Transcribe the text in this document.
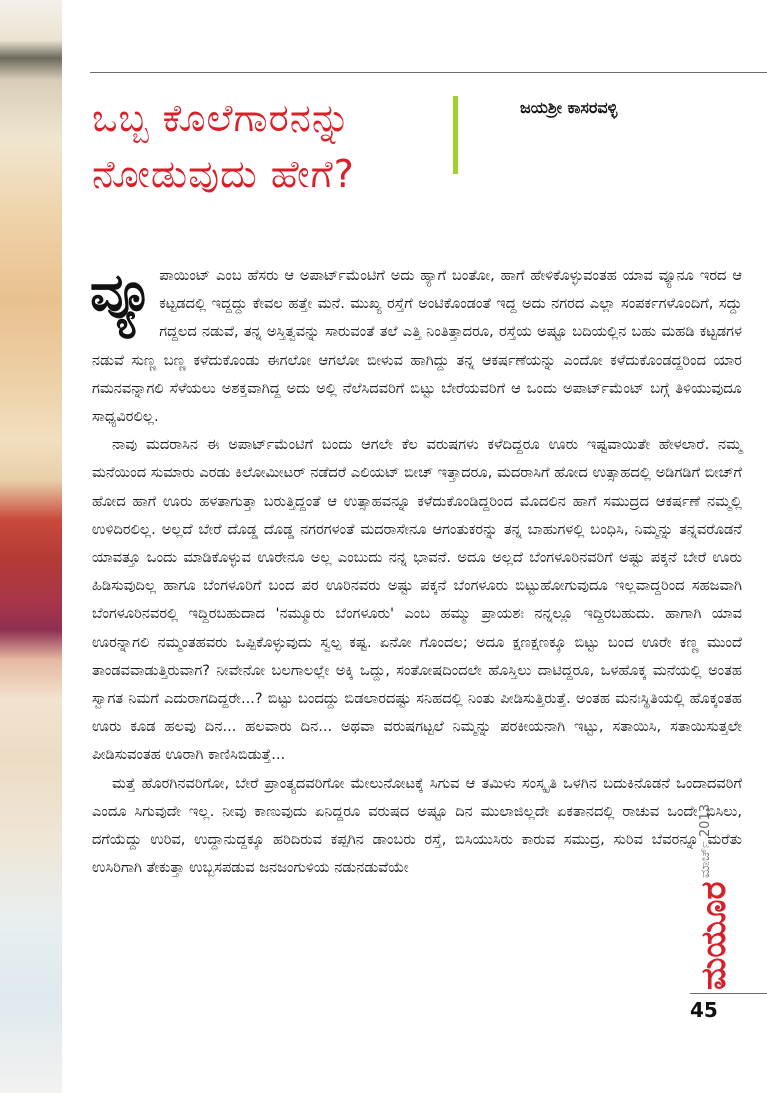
ಒಬ್ಬ ಕೊಲೆಗಾರನನ್ನು
ನೋಡುವುದು ಹೇಗೆ?
ಜಯಶ್ರೀ ಕಾಸರವಳ್ಳಿ

ವ್ಯೂ ಪಾಯಿಂಟ್ ಎಂಬ ಹೆಸರು ಆ ಅಪಾರ್ಟ್‌ಮೆಂಟಿಗೆ ಅದು ಹ್ಯಾಗೆ ಬಂತೋ, ಹಾಗೆ ಹೇಳಿಕೊಳ್ಳುವಂತಹ ಯಾವ ವ್ಯೂನೂ ಇರದ ಆ ಕಟ್ಟಡದಲ್ಲಿ ಇದ್ದದ್ದು ಕೇವಲ ಹತ್ತೇ ಮನೆ. ಮುಖ್ಯ ರಸ್ತೆಗೆ ಅಂಟಿಕೊಂಡಂತೆ ಇದ್ದ ಅದು ನಗರದ ಎಲ್ಲಾ ಸಂಪರ್ಕಗಳೊಂದಿಗೆ, ಸದ್ದು ಗದ್ದಲದ ನಡುವೆ, ತನ್ನ ಅಸ್ತಿತ್ವವನ್ನು ಸಾರುವಂತೆ ತಲೆ ಎತ್ತಿ ನಿಂತಿತ್ತಾದರೂ, ರಸ್ತೆಯ ಅಷ್ಟೂ ಬದಿಯಲ್ಲಿನ ಬಹು ಮಹಡಿ ಕಟ್ಟಡಗಳ ನಡುವೆ ಸುಣ್ಣ ಬಣ್ಣ ಕಳೆದುಕೊಂಡು ಈಗಲೋ ಆಗಲೋ ಬೀಳುವ ಹಾಗಿದ್ದು ತನ್ನ ಆಕರ್ಷಣೆಯನ್ನು ಎಂದೋ ಕಳೆದುಕೊಂಡದ್ದರಿಂದ ಯಾರ ಗಮನವನ್ನಾಗಲಿ ಸೆಳೆಯಲು ಅಶಕ್ತವಾಗಿದ್ದ ಅದು ಅಲ್ಲಿ ನೆಲೆಸಿದವರಿಗೆ ಬಿಟ್ಟು ಬೇರೆಯವರಿಗೆ ಆ ಒಂದು ಅಪಾರ್ಟ್‌ಮೆಂಟ್ ಬಗ್ಗೆ ತಿಳಿಯುವುದೂ ಸಾಧ್ಯವಿರಲಿಲ್ಲ.

ನಾವು ಮದರಾಸಿನ ಈ ಅಪಾರ್ಟ್‌ಮೆಂಟಿಗೆ ಬಂದು ಆಗಲೇ ಕೆಲ ವರುಷಗಳು ಕಳೆದಿದ್ದರೂ ಊರು ಇಷ್ಟವಾಯಿತೇ ಹೇಳಲಾರೆ. ನಮ್ಮ ಮನೆಯಿಂದ ಸುಮಾರು ಎರಡು ಕಿಲೋಮೀಟರ್ ನಡೆದರೆ ಎಲಿಯಟ್ ಬೀಚ್ ಇತ್ತಾದರೂ, ಮದರಾಸಿಗೆ ಹೋದ ಉತ್ಸಾಹದಲ್ಲಿ ಅಡಿಗಡಿಗೆ ಬೀಚ್‌ಗೆ ಹೋದ ಹಾಗೆ ಊರು ಹಳತಾಗುತ್ತಾ ಬರುತ್ತಿದ್ದಂತೆ ಆ ಉತ್ಸಾಹವನ್ನೂ ಕಳೆದುಕೊಂಡಿದ್ದರಿಂದ ಮೊದಲಿನ ಹಾಗೆ ಸಮುದ್ರದ ಆಕರ್ಷಣೆ ನಮ್ಮಲ್ಲಿ ಉಳಿದಿರಲಿಲ್ಲ. ಅಲ್ಲದೆ ಬೇರೆ ದೊಡ್ಡ ದೊಡ್ಡ ನಗರಗಳಂತೆ ಮದರಾಸೇನೂ ಆಗಂತುಕರನ್ನು ತನ್ನ ಬಾಹುಗಳಲ್ಲಿ ಬಂಧಿಸಿ, ನಿಮ್ಮನ್ನು ತನ್ನವರೊಡನೆ ಯಾವತ್ತೂ ಒಂದು ಮಾಡಿಕೊಳ್ಳುವ ಊರೇನೂ ಅಲ್ಲ ಎಂಬುದು ನನ್ನ ಭಾವನೆ. ಅದೂ ಅಲ್ಲದೆ ಬೆಂಗಳೂರಿನವರಿಗೆ ಅಷ್ಟು ಪಕ್ಕನೆ ಬೇರೆ ಊರು ಹಿಡಿಸುವುದಿಲ್ಲ ಹಾಗೂ ಬೆಂಗಳೂರಿಗೆ ಬಂದ ಪರ ಊರಿನವರು ಅಷ್ಟು ಪಕ್ಕನೆ ಬೆಂಗಳೂರು ಬಿಟ್ಟುಹೋಗುವುದೂ ಇಲ್ಲವಾದ್ದರಿಂದ ಸಹಜವಾಗಿ ಬೆಂಗಳೂರಿನವರಲ್ಲಿ ಇದ್ದಿರಬಹುದಾದ 'ನಮ್ಮೂರು ಬೆಂಗಳೂರು' ಎಂಬ ಹಮ್ಮು ಪ್ರಾಯಶಃ ನನ್ನಲ್ಲೂ ಇದ್ದಿರಬಹುದು. ಹಾಗಾಗಿ ಯಾವ ಊರನ್ನಾಗಲಿ ನಮ್ಮಂತಹವರು ಒಪ್ಪಿಕೊಳ್ಳುವುದು ಸ್ವಲ್ಪ ಕಷ್ಟ. ಏನೋ ಗೊಂದಲ; ಅದೂ ಕ್ಷಣಕ್ಷಣಕ್ಕೂ ಬಿಟ್ಟು ಬಂದ ಊರೇ ಕಣ್ಣ ಮುಂದೆ ತಾಂಡವವಾಡುತ್ತಿರುವಾಗ? ನೀವೇನೋ ಬಲಗಾಲಲ್ಲೇ ಅಕ್ಕಿ ಒದ್ದು, ಸಂತೋಷದಿಂದಲೇ ಹೊಸ್ತಿಲು ದಾಟಿದ್ದರೂ, ಒಳಹೊಕ್ಕ ಮನೆಯಲ್ಲಿ ಅಂತಹ ಸ್ವಾಗತ ನಿಮಗೆ ಎದುರಾಗದಿದ್ದರೇ...? ಬಿಟ್ಟು ಬಂದದ್ದು ಬಿಡಲಾರದಷ್ಟು ಸನಿಹದಲ್ಲಿ ನಿಂತು ಪೀಡಿಸುತ್ತಿರುತ್ತೆ. ಅಂತಹ ಮನಃಸ್ಥಿತಿಯಲ್ಲಿ ಹೊಕ್ಕಂತಹ ಊರು ಕೂಡ ಹಲವು ದಿನ... ಹಲವಾರು ದಿನ... ಅಥವಾ ವರುಷಗಟ್ಟಲೆ ನಿಮ್ಮನ್ನು ಪರಕೀಯನಾಗಿ ಇಟ್ಟು, ಸತಾಯಿಸಿ, ಸತಾಯಿಸುತ್ತಲೇ ಪೀಡಿಸುವಂತಹ ಊರಾಗಿ ಕಾಣಿಸಿಬಿಡುತ್ತೆ...

ಮತ್ತೆ ಹೊರಗಿನವರಿಗೋ, ಬೇರೆ ಪ್ರಾಂತ್ಯದವರಿಗೋ ಮೇಲುನೋಟಕ್ಕೆ ಸಿಗುವ ಆ ತಮಿಳು ಸಂಸ್ಕೃತಿ ಒಳಗಿನ ಬದುಕಿನೊಡನೆ ಒಂದಾದವರಿಗೆ ಎಂದೂ ಸಿಗುವುದೇ ಇಲ್ಲ. ನೀವು ಕಾಣುವುದು ಏನಿದ್ದರೂ ವರುಷದ ಅಷ್ಟೂ ದಿನ ಮುಲಾಜಿಲ್ಲದೇ ಏಕತಾನದಲ್ಲಿ ರಾಚುವ ಒಂದೇ ಬಿಸಿಲು, ದಗೆಯೆದ್ದು ಉರಿವ, ಉದ್ದಾನುದ್ದಕ್ಕೂ ಹರಿದಿರುವ ಕಪ್ಪಗಿನ ಡಾಂಬರು ರಸ್ತೆ, ಬಿಸಿಯುಸಿರು ಕಾರುವ ಸಮುದ್ರ, ಸುರಿವ ಬೆವರನ್ನೂ ಮರೆತು ಉಸಿರಿಗಾಗಿ ತೇಕುತ್ತಾ ಉಬ್ಬಸಪಡುವ ಜನಜಂಗುಳಿಯ ನಡುನಡುವೆಯೇ	ಮಾರ್ಚ್ 2013
ಮಯೂರ
45
